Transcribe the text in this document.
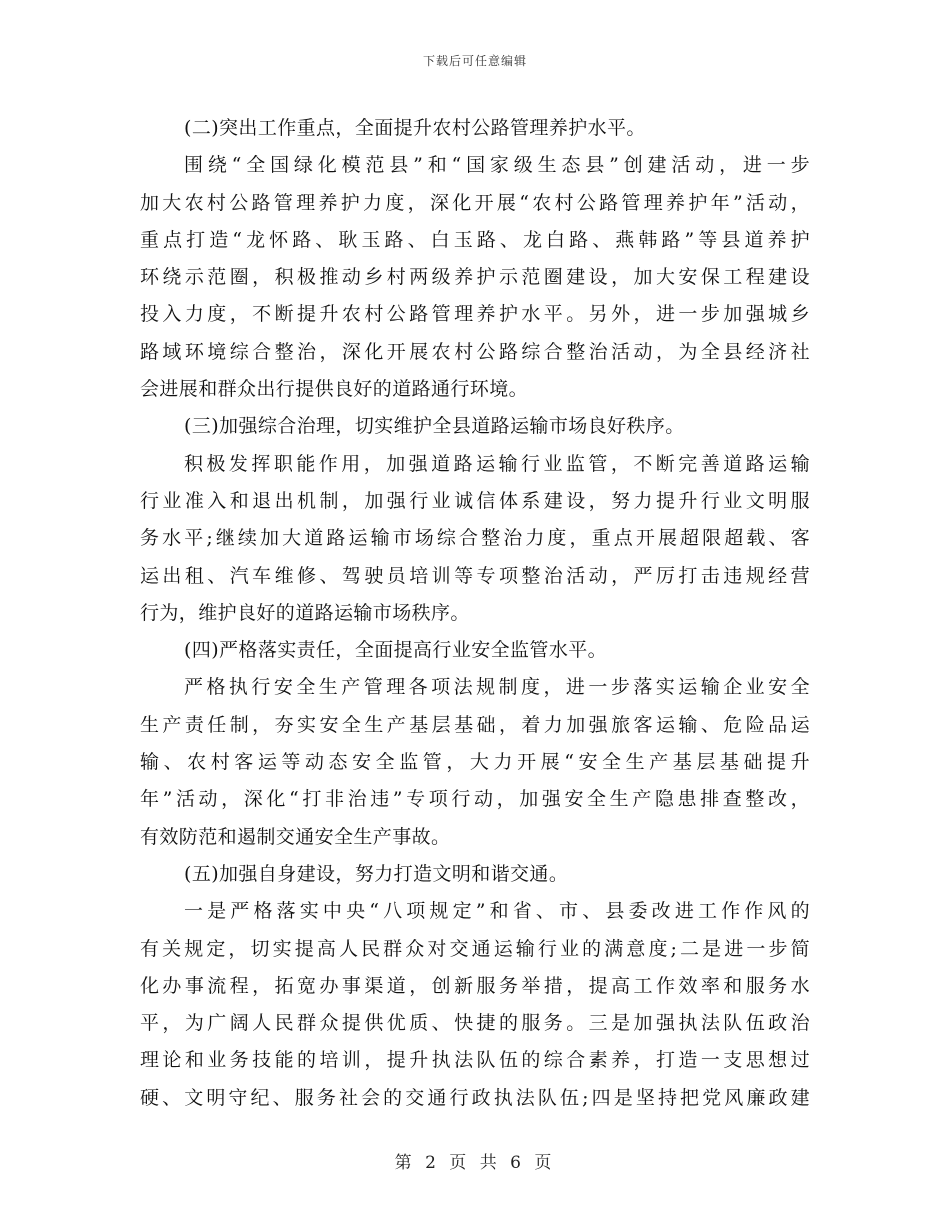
下载后可任意编辑
(二)突出工作重点，全面提升农村公路管理养护水平。
围绕“全国绿化模范县”和“国家级生态县”创建活动，进一步
加大农村公路管理养护力度，深化开展“农村公路管理养护年”活动，
重点打造“龙怀路、耿玉路、白玉路、龙白路、燕韩路”等县道养护
环绕示范圈，积极推动乡村两级养护示范圈建设，加大安保工程建设
投入力度，不断提升农村公路管理养护水平。另外，进一步加强城乡
路域环境综合整治，深化开展农村公路综合整治活动，为全县经济社
会进展和群众出行提供良好的道路通行环境。
(三)加强综合治理，切实维护全县道路运输市场良好秩序。
积极发挥职能作用，加强道路运输行业监管，不断完善道路运输
行业准入和退出机制，加强行业诚信体系建设，努力提升行业文明服
务水平;继续加大道路运输市场综合整治力度，重点开展超限超载、客
运出租、汽车维修、驾驶员培训等专项整治活动，严厉打击违规经营
行为，维护良好的道路运输市场秩序。
(四)严格落实责任，全面提高行业安全监管水平。
严格执行安全生产管理各项法规制度，进一步落实运输企业安全
生产责任制，夯实安全生产基层基础，着力加强旅客运输、危险品运
输、农村客运等动态安全监管，大力开展“安全生产基层基础提升
年”活动，深化“打非治违”专项行动，加强安全生产隐患排查整改，
有效防范和遏制交通安全生产事故。
(五)加强自身建设，努力打造文明和谐交通。
一是严格落实中央“八项规定”和省、市、县委改进工作作风的
有关规定，切实提高人民群众对交通运输行业的满意度;二是进一步简
化办事流程，拓宽办事渠道，创新服务举措，提高工作效率和服务水
平，为广阔人民群众提供优质、快捷的服务。三是加强执法队伍政治
理论和业务技能的培训，提升执法队伍的综合素养，打造一支思想过
硬、文明守纪、服务社会的交通行政执法队伍;四是坚持把党风廉政建
第 2 页 共 6 页
